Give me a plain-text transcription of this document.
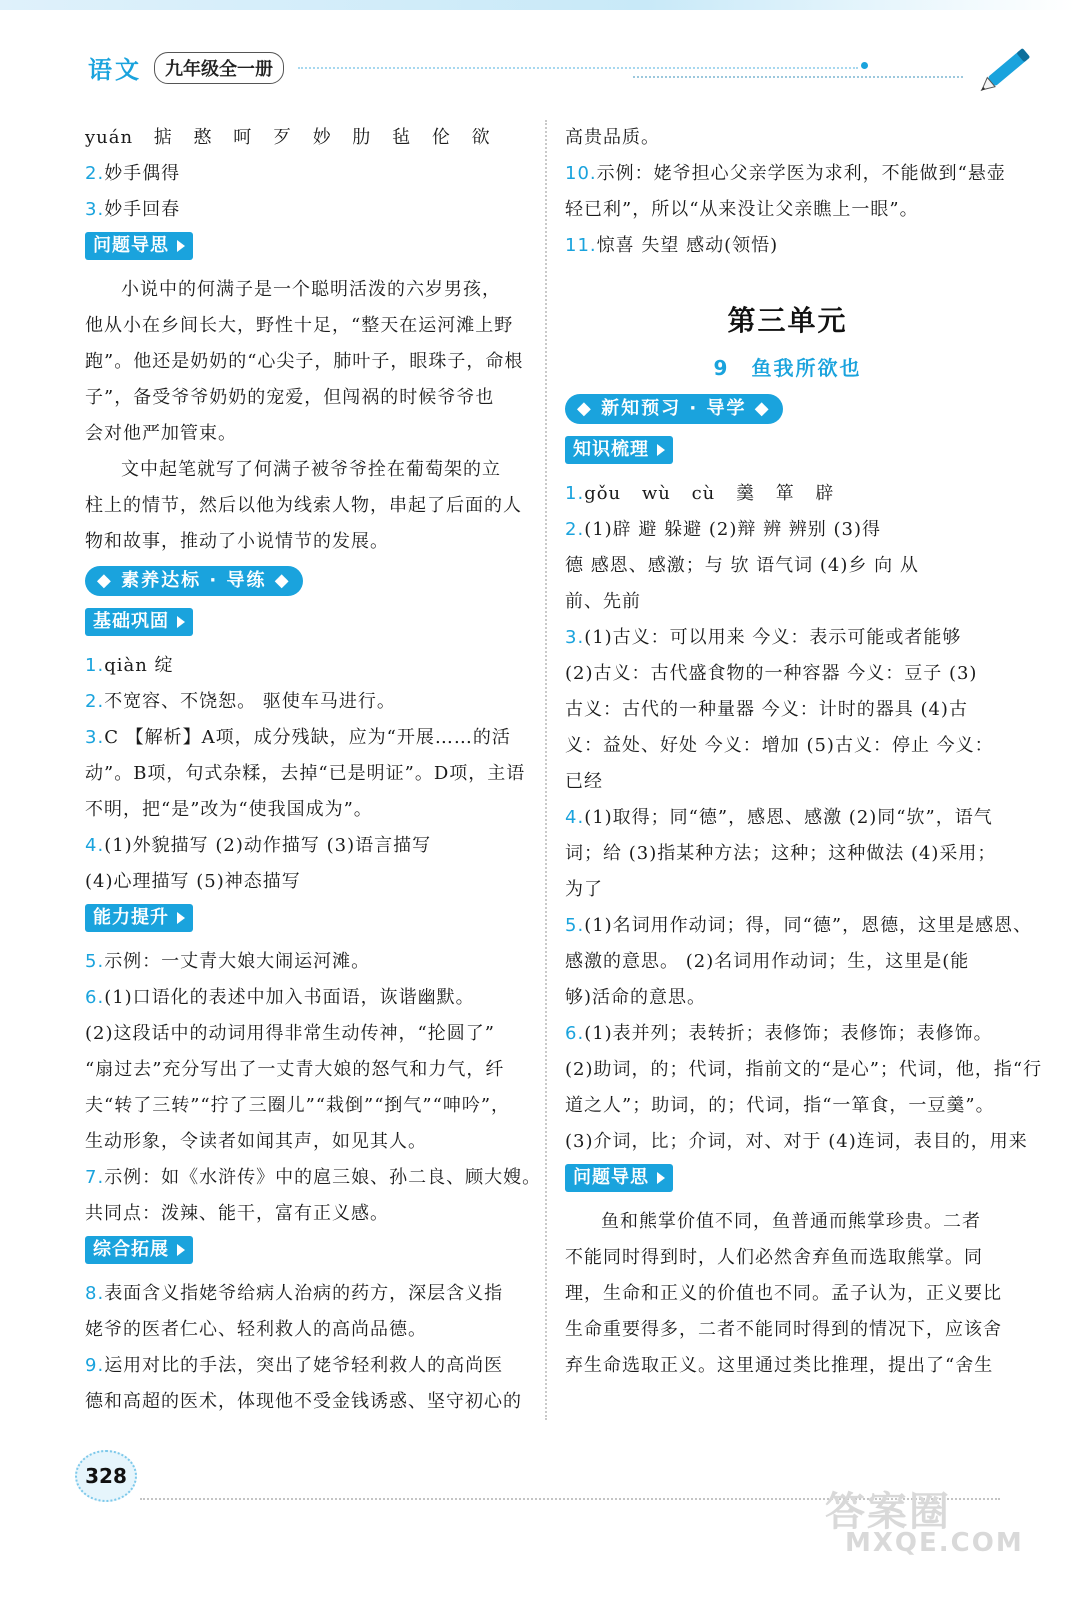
语文	九年级全一册
yuán 掂 憨 呵 歹 妙 肋 毡 伦 欲
2.妙手偶得
3.妙手回春
问题导思
小说中的何满子是一个聪明活泼的六岁男孩，
他从小在乡间长大，野性十足，“整天在运河滩上野
跑”。他还是奶奶的“心尖子，肺叶子，眼珠子，命根
子”，备受爷爷奶奶的宠爱，但闯祸的时候爷爷也
会对他严加管束。
文中起笔就写了何满子被爷爷拴在葡萄架的立
柱上的情节，然后以他为线索人物，串起了后面的人
物和故事，推动了小说情节的发展。
◆ 素养达标 · 导练 ◆
基础巩固
1.qiàn 绽
2.不宽容、不饶恕。 驱使车马进行。
3.C 【解析】A项，成分残缺，应为“开展……的活
动”。B项，句式杂糅，去掉“已是明证”。D项，主语
不明，把“是”改为“使我国成为”。
4.(1)外貌描写 (2)动作描写 (3)语言描写
(4)心理描写 (5)神态描写
能力提升
5.示例：一丈青大娘大闹运河滩。
6.(1)口语化的表述中加入书面语，诙谐幽默。
(2)这段话中的动词用得非常生动传神，“抡圆了”
“扇过去”充分写出了一丈青大娘的怒气和力气，纤
夫“转了三转”“拧了三圈儿”“栽倒”“捯气”“呻吟”，
生动形象，令读者如闻其声，如见其人。
7.示例：如《水浒传》中的扈三娘、孙二良、顾大嫂。
共同点：泼辣、能干，富有正义感。
综合拓展
8.表面含义指姥爷给病人治病的药方，深层含义指
姥爷的医者仁心、轻利救人的高尚品德。
9.运用对比的手法，突出了姥爷轻利救人的高尚医
德和高超的医术，体现他不受金钱诱惑、坚守初心的
高贵品质。
10.示例：姥爷担心父亲学医为求利，不能做到“悬壶
轻已利”，所以“从来没让父亲瞧上一眼”。
11.惊喜 失望 感动(领悟)
第三单元
9 鱼我所欲也
◆ 新知预习 · 导学 ◆
知识梳理
1.gǒu wù cù 羹 箪 辟
2.(1)辟 避 躲避 (2)辩 辨 辨别 (3)得
德 感恩、感激；与 欤 语气词 (4)乡 向 从
前、先前
3.(1)古义：可以用来 今义：表示可能或者能够
(2)古义：古代盛食物的一种容器 今义：豆子 (3)
古义：古代的一种量器 今义：计时的器具 (4)古
义：益处、好处 今义：增加 (5)古义：停止 今义：
已经
4.(1)取得；同“德”，感恩、感激 (2)同“欤”，语气
词；给 (3)指某种方法；这种；这种做法 (4)采用；
为了
5.(1)名词用作动词；得，同“德”，恩德，这里是感恩、
感激的意思。 (2)名词用作动词；生，这里是(能
够)活命的意思。
6.(1)表并列；表转折；表修饰；表修饰；表修饰。
(2)助词，的；代词，指前文的“是心”；代词，他，指“行
道之人”；助词，的；代词，指“一箪食，一豆羹”。
(3)介词，比；介词，对、对于 (4)连词，表目的，用来
问题导思
鱼和熊掌价值不同，鱼普通而熊掌珍贵。二者
不能同时得到时，人们必然舍弃鱼而选取熊掌。同
理，生命和正义的价值也不同。孟子认为，正义要比
生命重要得多，二者不能同时得到的情况下，应该舍
弃生命选取正义。这里通过类比推理，提出了“舍生
328
答案圈
MXQE.COM
